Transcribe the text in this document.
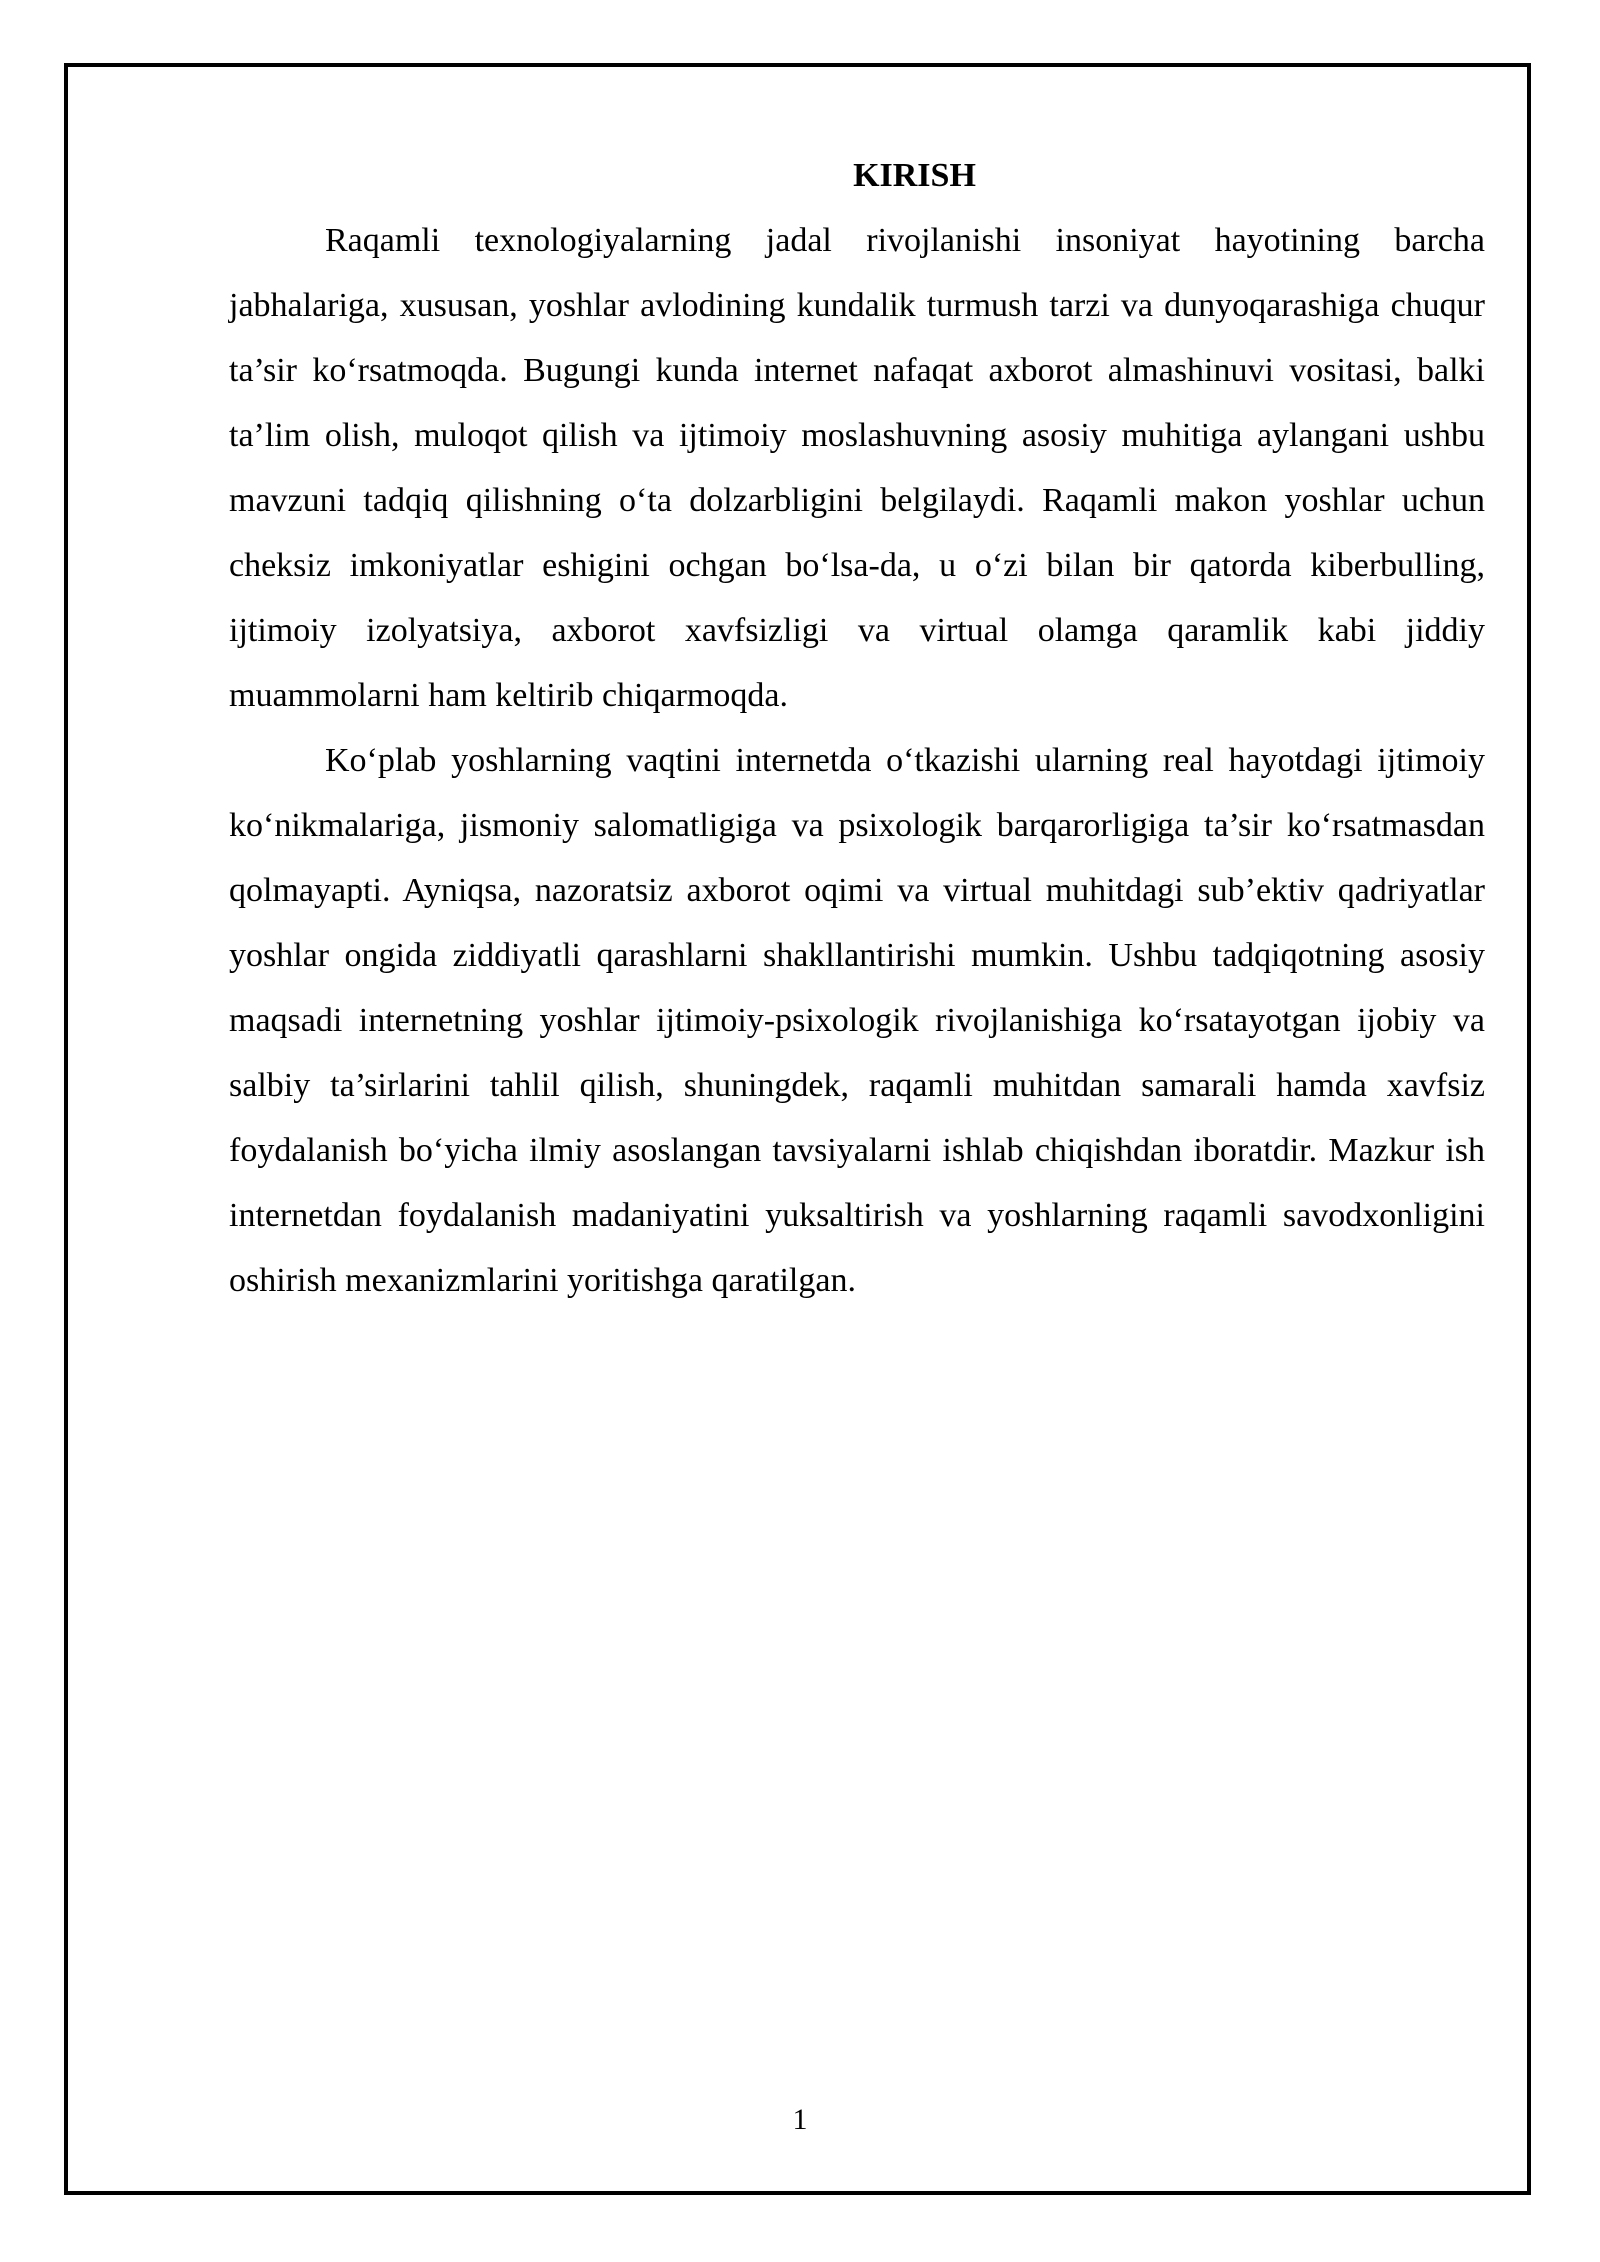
KIRISH

Raqamli texnologiyalarning jadal rivojlanishi insoniyat hayotining barcha jabhalariga, xususan, yoshlar avlodining kundalik turmush tarzi va dunyoqarashiga chuqur ta’sir ko‘rsatmoqda. Bugungi kunda internet nafaqat axborot almashinuvi vositasi, balki ta’lim olish, muloqot qilish va ijtimoiy moslashuvning asosiy muhitiga aylangani ushbu mavzuni tadqiq qilishning o‘ta dolzarbligini belgilaydi. Raqamli makon yoshlar uchun cheksiz imkoniyatlar eshigini ochgan bo‘lsa-da, u o‘zi bilan bir qatorda kiberbulling, ijtimoiy izolyatsiya, axborot xavfsizligi va virtual olamga qaramlik kabi jiddiy muammolarni ham keltirib chiqarmoqda.

Ko‘plab yoshlarning vaqtini internetda o‘tkazishi ularning real hayotdagi ijtimoiy ko‘nikmalariga, jismoniy salomatligiga va psixologik barqarorligiga ta’sir ko‘rsatmasdan qolmayapti. Ayniqsa, nazoratsiz axborot oqimi va virtual muhitdagi sub’ektiv qadriyatlar yoshlar ongida ziddiyatli qarashlarni shakllantirishi mumkin. Ushbu tadqiqotning asosiy maqsadi internetning yoshlar ijtimoiy-psixologik rivojlanishiga ko‘rsatayotgan ijobiy va salbiy ta’sirlarini tahlil qilish, shuningdek, raqamli muhitdan samarali hamda xavfsiz foydalanish bo‘yicha ilmiy asoslangan tavsiyalarni ishlab chiqishdan iboratdir. Mazkur ish internetdan foydalanish madaniyatini yuksaltirish va yoshlarning raqamli savodxonligini oshirish mexanizmlarini yoritishga qaratilgan.

1
